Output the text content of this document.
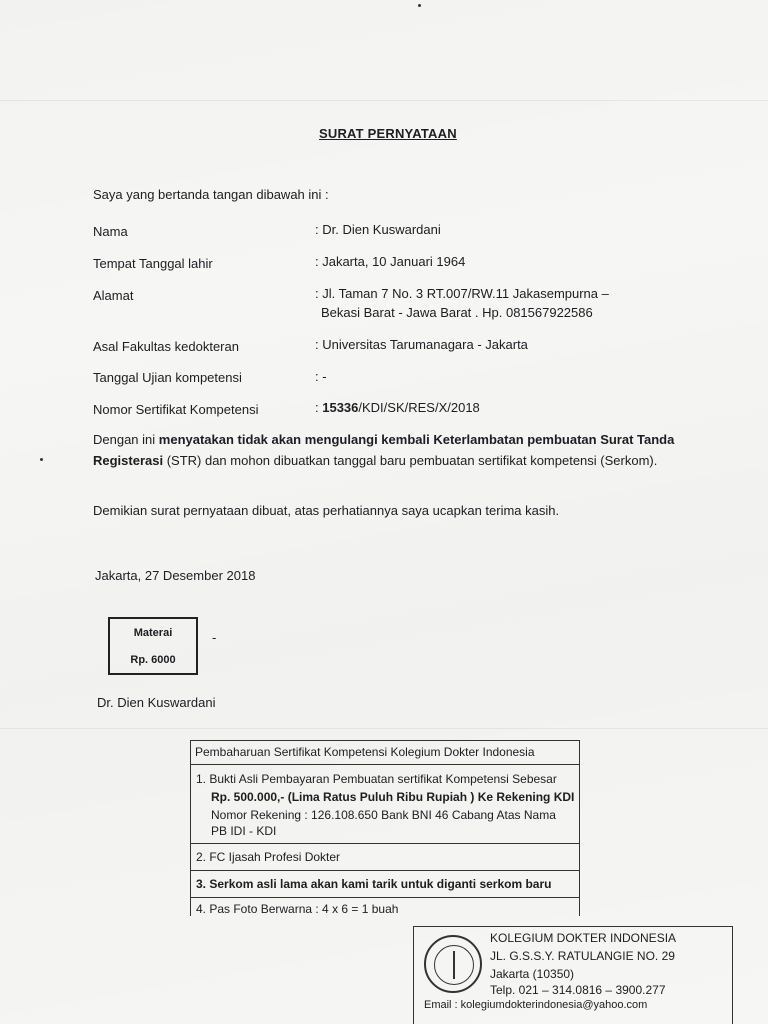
SURAT PERNYATAAN
Saya yang bertanda tangan dibawah ini :
Nama	: Dr. Dien Kuswardani
Tempat Tanggal lahir	: Jakarta, 10 Januari 1964
Alamat	: Jl. Taman 7 No. 3 RT.007/RW.11 Jakasempurna –
Bekasi Barat - Jawa Barat . Hp. 081567922586
Asal Fakultas kedokteran	: Universitas Tarumanagara - Jakarta
Tanggal Ujian kompetensi	: -
Nomor Sertifikat Kompetensi	: 15336/KDI/SK/RES/X/2018
Dengan ini menyatakan tidak akan mengulangi kembali Keterlambatan pembuatan Surat Tanda Registerasi (STR) dan mohon dibuatkan tanggal baru pembuatan sertifikat kompetensi (Serkom).
Demikian surat pernyataan dibuat, atas perhatiannya saya ucapkan terima kasih.
Jakarta, 27 Desember 2018
Materai
Rp. 6000
-
Dr. Dien Kuswardani
Pembaharuan Sertifikat Kompetensi Kolegium Dokter Indonesia
1. Bukti Asli Pembayaran Pembuatan sertifikat Kompetensi Sebesar
Rp. 500.000,- (Lima Ratus Puluh Ribu Rupiah ) Ke Rekening KDI
Nomor Rekening : 126.108.650 Bank BNI 46 Cabang Atas Nama
PB IDI - KDI
2. FC Ijasah Profesi Dokter
3. Serkom asli lama akan kami tarik untuk diganti serkom baru
4. Pas Foto Berwarna : 4 x 6 = 1 buah
KOLEGIUM DOKTER INDONESIA
JL. G.S.S.Y. RATULANGIE NO. 29
Jakarta (10350)
Telp. 021 – 314.0816 – 3900.277
Email : kolegiumdokterindonesia@yahoo.com
